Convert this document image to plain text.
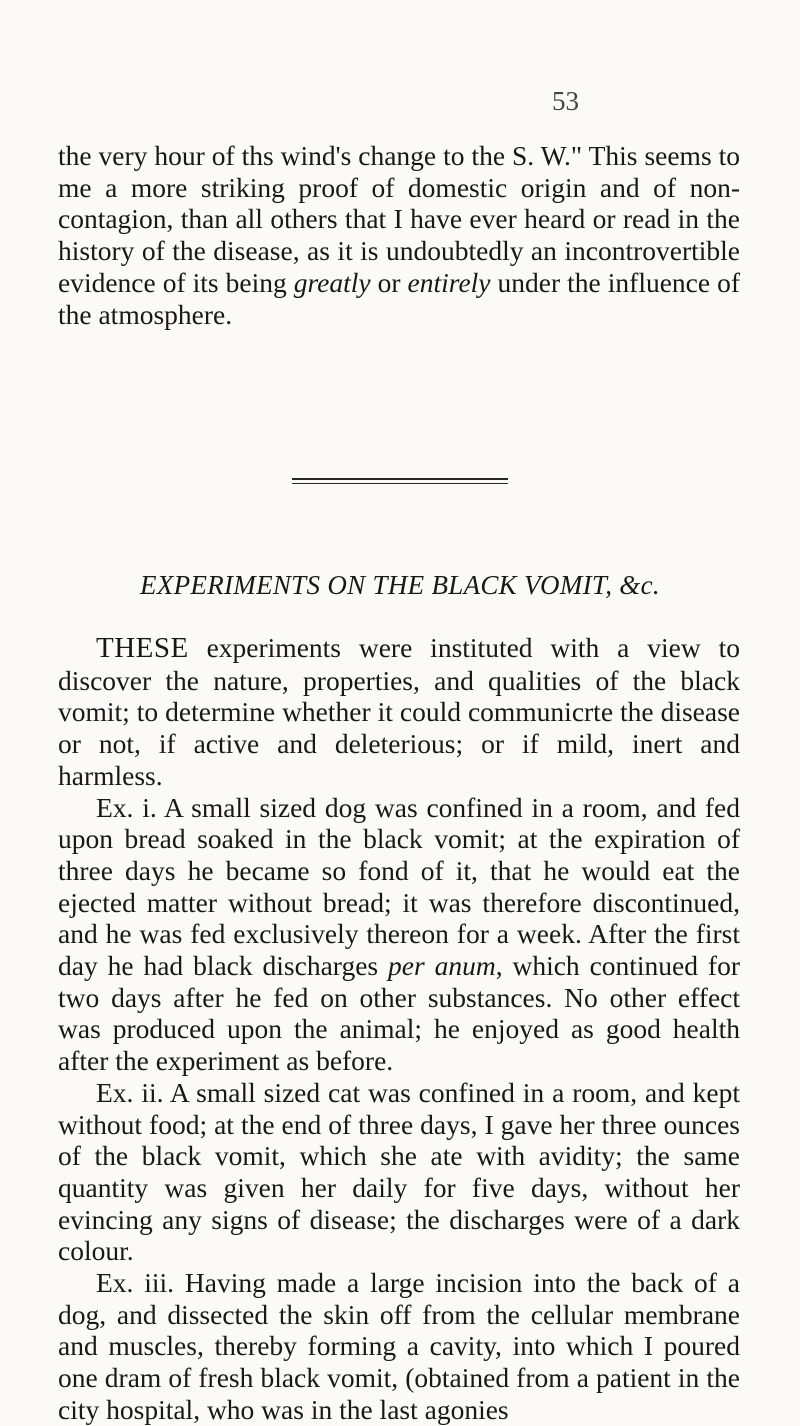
53

the very hour of ths wind's change to the S. W." This seems to me a more striking proof of domestic origin and of non-contagion, than all others that I have ever heard or read in the history of the disease, as it is undoubtedly an incontrovertible evidence of its being greatly or entirely under the influence of the atmosphere.

EXPERIMENTS ON THE BLACK VOMIT, &c.

THESE experiments were instituted with a view to discover the nature, properties, and qualities of the black vomit; to determine whether it could communicrte the disease or not, if active and deleterious; or if mild, inert and harmless.

Ex. i. A small sized dog was confined in a room, and fed upon bread soaked in the black vomit; at the expiration of three days he became so fond of it, that he would eat the ejected matter without bread; it was therefore discontinued, and he was fed exclusively thereon for a week. After the first day he had black discharges per anum, which continued for two days after he fed on other substances. No other effect was produced upon the animal; he enjoyed as good health after the experiment as before.

Ex. ii. A small sized cat was confined in a room, and kept without food; at the end of three days, I gave her three ounces of the black vomit, which she ate with avidity; the same quantity was given her daily for five days, without her evincing any signs of disease; the discharges were of a dark colour.

Ex. iii. Having made a large incision into the back of a dog, and dissected the skin off from the cellular membrane and muscles, thereby forming a cavity, into which I poured one dram of fresh black vomit, (obtained from a patient in the city hospital, who was in the last agonies
